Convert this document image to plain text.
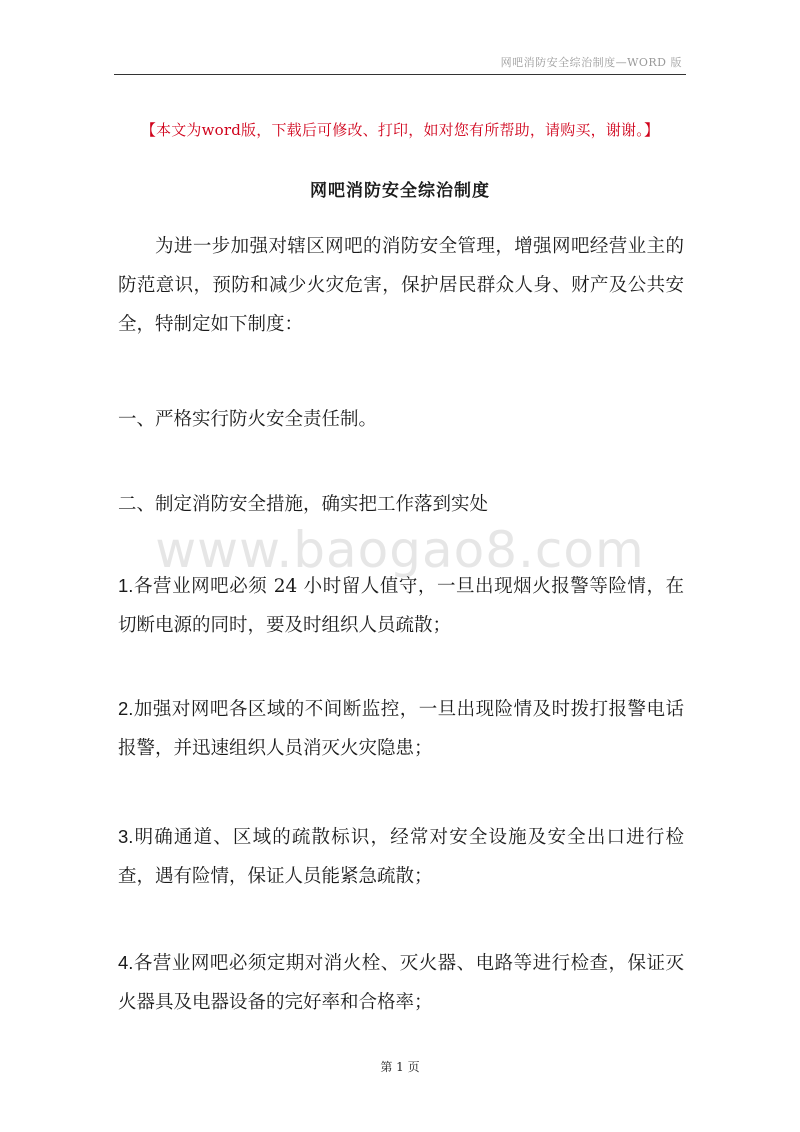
网吧消防安全综治制度—WORD 版
【本文为word版，下载后可修改、打印，如对您有所帮助，请购买，谢谢。】
网吧消防安全综治制度
www.baogao8.com
为进一步加强对辖区网吧的消防安全管理，增强网吧经营业主的防范意识，预防和减少火灾危害，保护居民群众人身、财产及公共安全，特制定如下制度：
一、严格实行防火安全责任制。
二、制定消防安全措施，确实把工作落到实处
1.各营业网吧必须 24 小时留人值守，一旦出现烟火报警等险情，在切断电源的同时，要及时组织人员疏散；
2.加强对网吧各区域的不间断监控，一旦出现险情及时拨打报警电话报警，并迅速组织人员消灭火灾隐患；
3.明确通道、区域的疏散标识，经常对安全设施及安全出口进行检查，遇有险情，保证人员能紧急疏散；
4.各营业网吧必须定期对消火栓、灭火器、电路等进行检查，保证灭火器具及电器设备的完好率和合格率；
第 1 页
